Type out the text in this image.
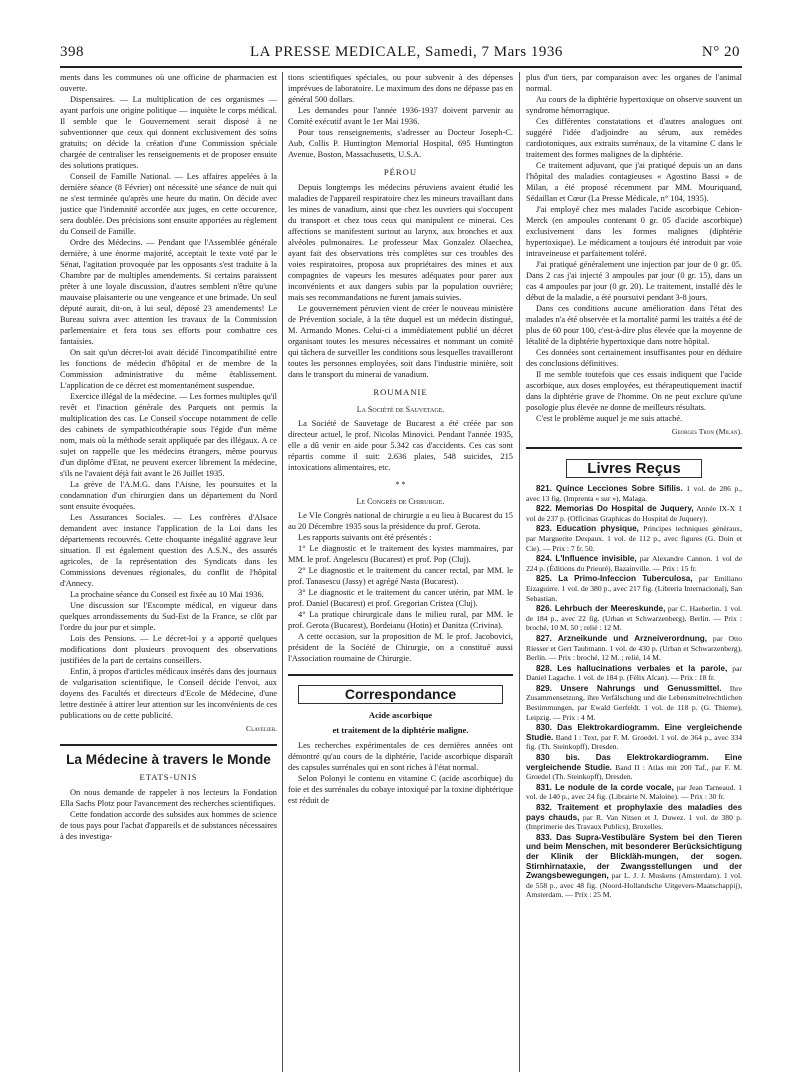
398	LA PRESSE MEDICALE, Samedi, 7 Mars 1936	N° 20

ments dans les communes où une officine de pharmacien est ouverte.

Dispensaires. — La multiplication de ces organismes — ayant parfois une origine politique — inquiète le corps médical. Il semble que le Gouvernement serait disposé à ne subventionner que ceux qui donnent exclusivement des soins gratuits; on décide la création d'une Commission spéciale chargée de centraliser les renseignements et de proposer ensuite des solutions pratiques.

Conseil de Famille National. — Les affaires appelées à la dernière séance (8 Février) ont nécessité une séance de nuit qui ne s'est terminée qu'après une heure du matin. On décide avec justice que l'indemnité accordée aux juges, en cette occurence, sera doublée. Des précisions sont ensuite apportées au règlement du Conseil de Famille.

Ordre des Médecins. — Pendant que l'Assemblée générale dernière, à une énorme majorité, acceptait le texte voté par le Sénat, l'agitation provoquée par les opposants s'est traduite à la Chambre par de multiples amendements. Si certains paraissent prêter à une loyale discussion, d'autres semblent n'être qu'une mauvaise plaisanterie ou une vengeance et une brimade. Un seul député aurait, dit-on, à lui seul, déposé 23 amendements! Le Bureau suivra avec attention les travaux de la Commission parlementaire et fera tous ses efforts pour combattre ces fantaisies.

On sait qu'un décret-loi avait décidé l'incompatibilité entre les fonctions de médecin d'hôpital et de membre de la Commission administrative du même établissement. L'application de ce décret est momentanément suspendue.

Exercice illégal de la médecine. — Les formes multiples qu'il revêt et l'inaction générale des Parquets ont permis la multiplication des cas. Le Conseil s'occupe notamment de celle des cabinets de sympathicothérapie sous l'égide d'un même nom, mais où la méthode serait appliquée par des illégaux. A ce sujet on rappelle que les médecins étrangers, même pourvus d'un diplôme d'Etat, ne peuvent exercer librement la médecine, s'ils ne l'avaient déjà fait avant le 26 Juillet 1935.

La grève de l'A.M.G. dans l'Aisne, les poursuites et la condamnation d'un chirurgien dans un département du Nord sont ensuite évoquées.

Les Assurances Sociales. — Les confrères d'Alsace demandent avec instance l'application de la Loi dans les départements recouvrés. Cette choquante inégalité aggrave leur situation. Il est également question des A.S.N., des assurés agricoles, de la représentation des Syndicats dans les Commissions devenues régionales, du conflit de l'hôpital d'Annecy.

La prochaine séance du Conseil est fixée au 10 Mai 1936.

Une discussion sur l'Escompte médical, en vigueur dans quelques arrondissements du Sud-Est de la France, se clôt par l'ordre du jour pur et simple.

Lois des Pensions. — Le décret-loi y a apporté quelques modifications dont plusieurs provoquent des observations justifiées de la part de certains conseillers.

Enfin, à propos d'articles médicaux insérés dans des journaux de vulgarisation scientifique, le Conseil décide l'envoi, aux doyens des Facultés et directeurs d'Ecole de Médecine, d'une lettre destinée à attirer leur attention sur les inconvénients de ces publications ou de cette publicité.

Clavelier.
La Médecine à travers le Monde
ETATS-UNIS

On nous demande de rappeler à nos lecteurs la Fondation Ella Sachs Plotz pour l'avancement des recherches scientifiques.

Cette fondation accorde des subsides aux hommes de science de tous pays pour l'achat d'appareils et de substances nécessaires à des investiga-

tions scientifiques spéciales, ou pour subvenir à des dépenses imprévues de laboratoire. Le maximum des dons ne dépasse pas en général 500 dollars.

Les demandes pour l'année 1936-1937 doivent parvenir au Comité exécutif avant le 1er Mai 1936.

Pour tous renseignements, s'adresser au Docteur Joseph-C. Aub, Collis P. Huntington Memorial Hospital, 695 Huntington Avenue, Boston, Massachusetts, U.S.A.

PÉROU

Depuis longtemps les médecins péruviens avaient étudié les maladies de l'appareil respiratoire chez les mineurs travaillant dans les mines de vanadium, ainsi que chez les ouvriers qui s'occupent du transport et chez tous ceux qui manipulent ce minerai. Ces affections se manifestent surtout au larynx, aux bronches et aux alvéoles pulmonaires. Le professeur Max Gonzalez Olaechea, ayant fait des observations très complètes sur ces troubles des voies respiratoires, proposa aux propriétaires des mines et aux compagnies de vapeurs les mesures adéquates pour parer aux inconvénients et aux dangers subis par la population ouvrière; mais ses recommandations ne furent jamais suivies.

Le gouvernement péruvien vient de créer le nouveau ministère de Prévention sociale, à la tête duquel est un médecin distingué, M. Armando Mones. Celui-ci a immédiatement publié un décret organisant toutes les mesures nécessaires et nommant un comité qui tâchera de surveiller les conditions sous lesquelles travailleront toutes les personnes employées, soit dans l'industrie minière, soit dans le transport du minerai de vanadium.

ROUMANIE
La Société de Sauvetage.

La Société de Sauvetage de Bucarest a été créée par son directeur actuel, le prof. Nicolas Minovici. Pendant l'année 1935, elle a dû venir en aide pour 5.342 cas d'accidents. Ces cas sont répartis comme il suit: 2.636 plaies, 548 suicides, 215 intoxications alimentaires, etc.

* *
Le Congrès de Chirurgie.

Le VIe Congrès national de chirurgie a eu lieu à Bucarest du 15 au 20 Décembre 1935 sous la présidence du prof. Gerota.

Les rapports suivants ont été présentés :

1° Le diagnostic et le traitement des kystes mammaires, par MM. le prof. Angelescu (Bucarest) et prof. Pop (Cluj).

2° Le diagnostic et le traitement du cancer rectal, par MM. le prof. Tanasescu (Jassy) et agrégé Nasta (Bucarest).

3° Le diagnostic et le traitement du cancer utérin, par MM. le prof. Daniel (Bucarest) et prof. Gregorian Cristea (Cluj).

4° La pratique chirurgicale dans le milieu rural, par MM. le prof. Gerota (Bucarest), Bordeianu (Hotin) et Danitza (Crivina).

A cette occasion, sur la proposition de M. le prof. Jacobovici, président de la Société de Chirurgie, on a constitué aussi l'Association roumaine de Chirurgie.

Correspondance
Acide ascorbique
et traitement de la diphtérie maligne.

Les recherches expérimentales de ces dernières années ont démontré qu'au cours de la diphtérie, l'acide ascorbique disparaît des capsules surrénales qui en sont riches à l'état normal.

Selon Polonyi le contenu en vitamine C (acide ascorbique) du foie et des surrénales du cobaye intoxiqué par la toxine diphtérique est réduit de

plus d'un tiers, par comparaison avec les organes de l'animal normal.

Au cours de la diphtérie hypertoxique on observe souvent un syndrome hémorragique.

Ces différentes constatations et d'autres analogues ont suggéré l'idée d'adjoindre au sérum, aux remèdes cardiotoniques, aux extraits surrénaux, de la vitamine C dans le traitement des formes malignes de la diphtérie.

Ce traitement adjuvant, que j'ai pratiqué depuis un an dans l'hôpital des maladies contagieuses « Agostino Bassi » de Milan, a été proposé récemment par MM. Mouriquand, Sédaillan et Cœur (La Presse Médicale, n° 104, 1935).

J'ai employé chez mes malades l'acide ascorbique Cebion-Merck (en ampoules contenant 0 gr. 05 d'acide ascorbique) exclusivement dans les formes malignes (diphtérie hypertoxique). Le médicament a toujours été introduit par voie intraveineuse et parfaitement toléré.

J'ai pratiqué généralement une injection par jour de 0 gr. 05. Dans 2 cas j'ai injecté 3 ampoules par jour (0 gr. 15), dans un cas 4 ampoules par jour (0 gr. 20). Le traitement, installé dès le début de la maladie, a été poursuivi pendant 3-8 jours.

Dans ces conditions aucune amélioration dans l'état des malades n'a été observée et la mortalité parmi les traités a été de plus de 60 pour 100, c'est-à-dire plus élevée que la moyenne de létalité de la diphtérie hypertoxique dans notre hôpital.

Ces données sont certainement insuffisantes pour en déduire des conclusions définitives.

Il me semble toutefois que ces essais indiquent que l'acide ascorbique, aux doses employées, est thérapeutiquement inactif dans la diphtérie grave de l'homme. On ne peut exclure qu'une posologie plus élevée ne donne de meilleurs résultats.

C'est le problème auquel je me suis attaché.

Georges Tron (Milan).
Livres Reçus

821. Quince Lecciones Sobre Sífilis. 1 vol. de 286 p., avec 13 fig. (Imprenta « sur »), Malaga.

822. Memorias Do Hospital de Juquery, Année IX-X 1 vol de 237 p. (Officinas Graphicas do Hospital de Juquery).

823. Education physique, Principes techniques généraux, par Marguerite Despaux. 1 vol. de 112 p., avec figures (G. Doin et Cie). — Prix : 7 fr. 50.

824. L'Influence invisible, par Alexandre Cannon. 1 vol de 224 p. (Éditions du Prieuré), Bazainville. — Prix : 15 fr.

825. La Primo-Infeccion Tuberculosa, par Emiliano Eizaguirre. 1 vol. de 380 p., avec 217 fig. (Libreria Internacional), San Sebastian.

826. Lehrbuch der Meereskunde, par C. Haeberlin. 1 vol. de 184 p., avec 22 fig. (Urban et Schwarzenberg), Berlin. — Prix : broché, 10 M. 50 ; relié : 12 M.

827. Arzneikunde und Arzneiverordnung, par Otto Riesser et Gert Taubmann. 1 vol. de 430 p. (Urban et Schwarzenberg), Berlin. — Prix : broché, 12 M. ; relié, 14 M.

828. Les hallucinations verbales et la parole, par Daniel Lagache. 1 vol. de 184 p. (Félix Alcan). — Prix : 18 fr.

829. Unsere Nahrungs und Genussmittel. Ihre Zusammensetzung, ihre Verfälschung und die Lebensmittelrechtlichen Bestimmungen, par Ewald Gerfeldt. 1 vol. de 118 p. (G. Thieme), Leipzig. — Prix : 4 M.

830. Das Elektrokardiogramm. Eine vergleichende Studie. Band I : Text, par F. M. Groedel. 1 vol. de 364 p., avec 334 fig. (Th. Steinkopff), Dresden.

830 bis. Das Elektrokardiogramm. Eine vergleichende Studie. Band II : Atlas mit 200 Taf., par F. M. Groedel (Th. Steinkopff), Dresden.

831. Le nodule de la corde vocale, par Jean Tarneaud. 1 vol. de 140 p., avec 24 fig. (Librairie N. Maloine). — Prix : 30 fr.

832. Traitement et prophylaxie des maladies des pays chauds, par R. Van Nitsen et J. Duwez. 1 vol. de 380 p. (Imprimerie des Travaux Publics), Bruxelles.

833. Das Supra-Vestibuläre System bei den Tieren und beim Menschen, mit besonderer Berücksichtigung der Klinik der Blickläh-mungen, der sogen. Stirnhirnataxie, der Zwangsstellungen und der Zwangsbewegungen, par L. J. J. Muskens (Amsterdam). 1 vol. de 558 p., avec 48 fig. (Noord-Hollandsche Uitgevers-Maatschappij), Amsterdam. — Prix : 25 M.
